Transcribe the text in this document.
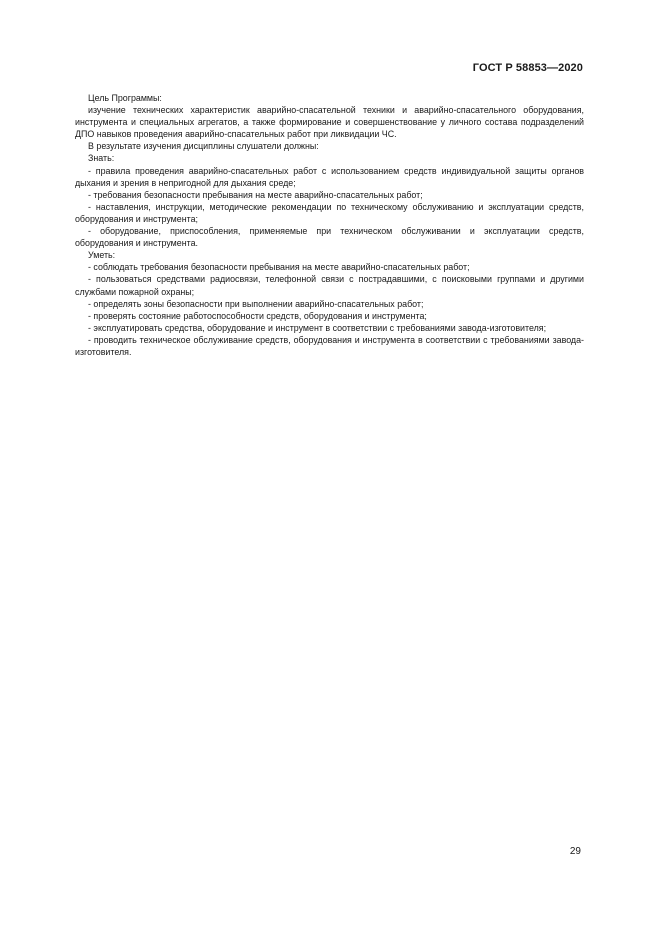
ГОСТ Р 58853—2020

Цель Программы:

изучение технических характеристик аварийно-спасательной техники и аварийно-спасательного оборудования, инструмента и специальных агрегатов, а также формирование и совершенствование у личного состава подразделений ДПО навыков проведения аварийно-спасательных работ при ликвидации ЧС.

В результате изучения дисциплины слушатели должны:

Знать:

- правила проведения аварийно-спасательных работ с использованием средств индивидуальной защиты органов дыхания и зрения в непригодной для дыхания среде;

- требования безопасности пребывания на месте аварийно-спасательных работ;

- наставления, инструкции, методические рекомендации по техническому обслуживанию и эксплуатации средств, оборудования и инструмента;

- оборудование, приспособления, применяемые при техническом обслуживании и эксплуатации средств, оборудования и инструмента.

Уметь:

- соблюдать требования безопасности пребывания на месте аварийно-спасательных работ;

- пользоваться средствами радиосвязи, телефонной связи с пострадавшими, с поисковыми группами и другими службами пожарной охраны;

- определять зоны безопасности при выполнении аварийно-спасательных работ;

- проверять состояние работоспособности средств, оборудования и инструмента;

- эксплуатировать средства, оборудование и инструмент в соответствии с требованиями завода-изготовителя;

- проводить техническое обслуживание средств, оборудования и инструмента в соответствии с требованиями завода-изготовителя.

29
